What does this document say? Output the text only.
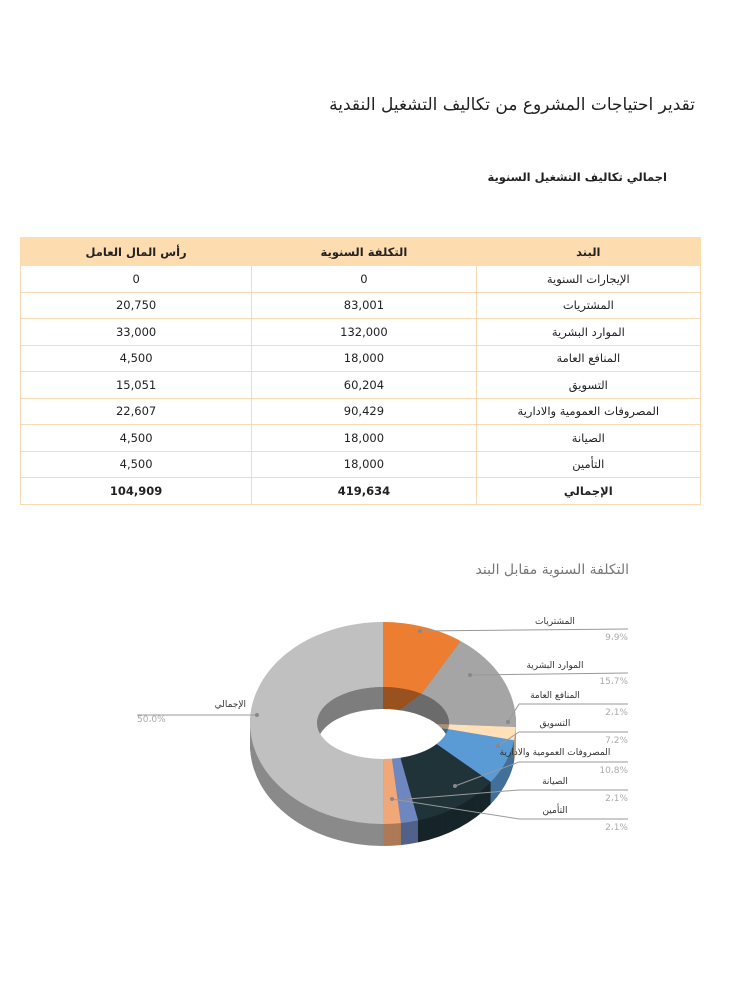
تقدير احتياجات المشروع من تكاليف التشغيل النقدية
اجمالي تكاليف التشغيل السنوية
البند	التكلفة السنوية	رأس المال العامل
الإيجارات السنوية	0	0
المشتريات	83,001	20,750
الموارد البشرية	132,000	33,000
المنافع العامة	18,000	4,500
التسويق	60,204	15,051
المصروفات العمومية والادارية	90,429	22,607
الصيانة	18,000	4,500
التأمين	18,000	4,500
الإجمالي	419,634	104,909
التكلفة السنوية مقابل البند
المشتريات
9،9%
الموارد البشرية
15،7%
المنافع العامة
2،1%
التسويق
7،2%
المصروفات العمومية والادارية
10،8%
الصيانة
2،1%
التأمين
2،1%
الإجمالي
50،0%
